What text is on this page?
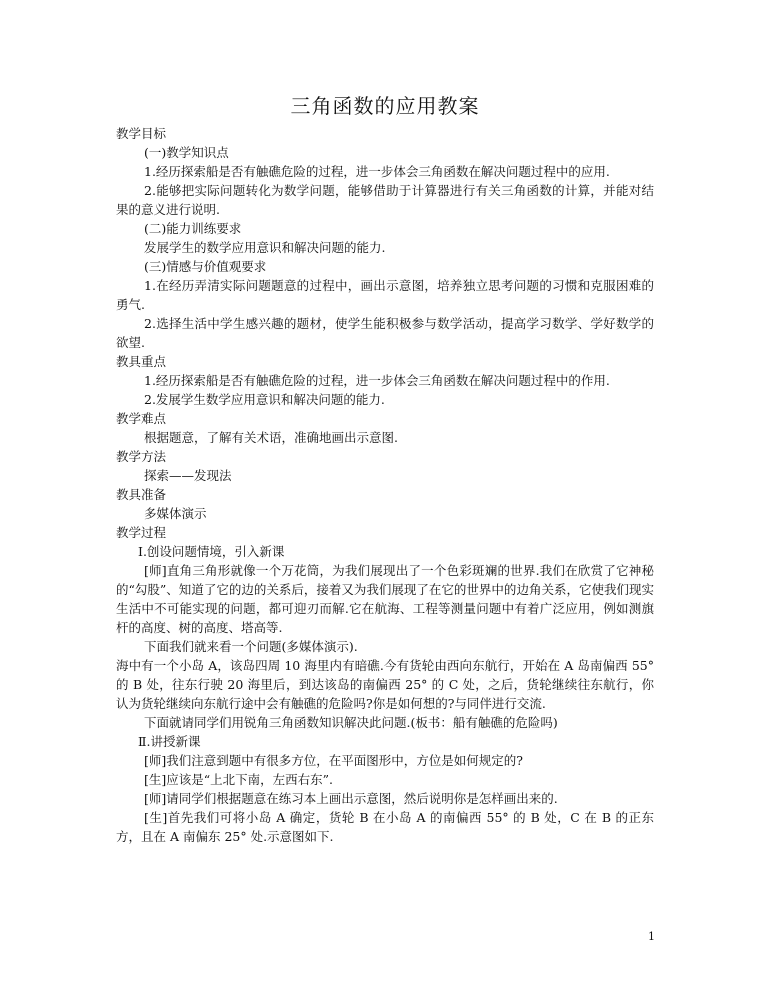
三角函数的应用教案

教学目标

(一)教学知识点

1.经历探索船是否有触礁危险的过程，进一步体会三角函数在解决问题过程中的应用.

2.能够把实际问题转化为数学问题，能够借助于计算器进行有关三角函数的计算，并能对结果的意义进行说明.

(二)能力训练要求

发展学生的数学应用意识和解决问题的能力.

(三)情感与价值观要求

1.在经历弄清实际问题题意的过程中，画出示意图，培养独立思考问题的习惯和克服困难的勇气.

2.选择生活中学生感兴趣的题材，使学生能积极参与数学活动，提高学习数学、学好数学的欲望.

教具重点

1.经历探索船是否有触礁危险的过程，进一步体会三角函数在解决问题过程中的作用.

2.发展学生数学应用意识和解决问题的能力.

教学难点

根据题意，了解有关术语，准确地画出示意图.

教学方法

探索——发现法

教具准备

多媒体演示

教学过程

Ⅰ.创设问题情境，引入新课

[师]直角三角形就像一个万花筒，为我们展现出了一个色彩斑斓的世界.我们在欣赏了它神秘的“勾股”、知道了它的边的关系后，接着又为我们展现了在它的世界中的边角关系，它使我们现实生活中不可能实现的问题，都可迎刃而解.它在航海、工程等测量问题中有着广泛应用，例如测旗杆的高度、树的高度、塔高等.

下面我们就来看一个问题(多媒体演示).

海中有一个小岛 A，该岛四周 10 海里内有暗礁.今有货轮由西向东航行，开始在 A 岛南偏西 55° 的 B 处，往东行驶 20 海里后，到达该岛的南偏西 25° 的 C 处，之后，货轮继续往东航行，你认为货轮继续向东航行途中会有触礁的危险吗?你是如何想的?与同伴进行交流.

下面就请同学们用锐角三角函数知识解决此问题.(板书：船有触礁的危险吗)

Ⅱ.讲授新课

[师]我们注意到题中有很多方位，在平面图形中，方位是如何规定的?

[生]应该是“上北下南，左西右东”.

[师]请同学们根据题意在练习本上画出示意图，然后说明你是怎样画出来的.

[生]首先我们可将小岛 A 确定，货轮 B 在小岛 A 的南偏西 55° 的 B 处，C 在 B 的正东方，且在 A 南偏东 25° 处.示意图如下.

1
